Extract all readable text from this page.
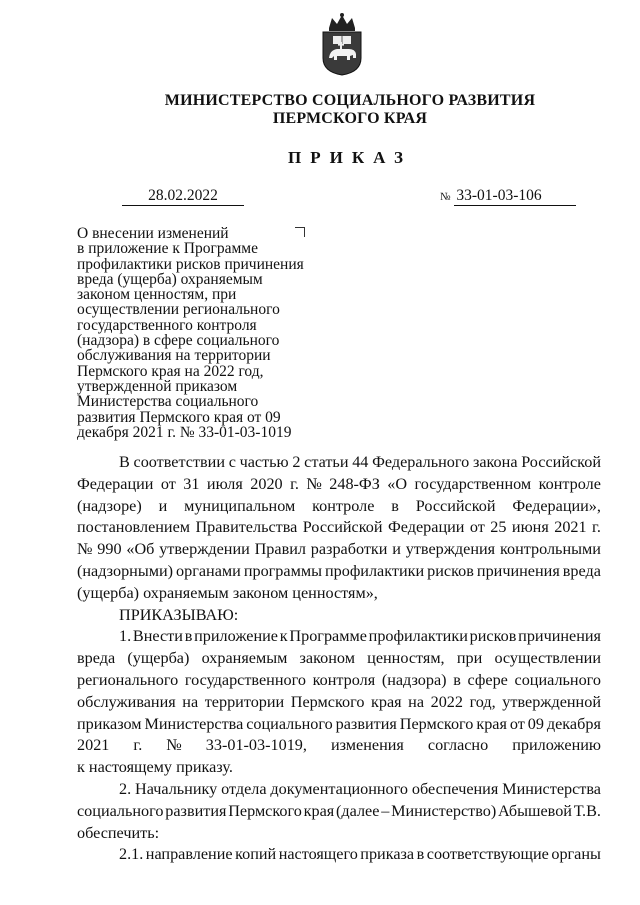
МИНИСТЕРСТВО СОЦИАЛЬНОГО РАЗВИТИЯ
ПЕРМСКОГО КРАЯ
ПРИКАЗ
28.02.2022	№ 33-01-03-106
О внесении изменений
в приложение к Программе
профилактики рисков причинения
вреда (ущерба) охраняемым
законом ценностям, при
осуществлении регионального
государственного контроля
(надзора) в сфере социального
обслуживания на территории
Пермского края на 2022 год,
утвержденной приказом
Министерства социального
развития Пермского края от 09
декабря 2021 г. № 33-01-03-1019
В соответствии с частью 2 статьи 44 Федерального закона Российской
Федерации от 31 июля 2020 г. № 248-ФЗ «О государственном контроле
(надзоре) и муниципальном контроле в Российской Федерации»,
постановлением Правительства Российской Федерации от 25 июня 2021 г.
№ 990 «Об утверждении Правил разработки и утверждения контрольными
(надзорными) органами программы профилактики рисков причинения вреда
(ущерба) охраняемым законом ценностям»,
ПРИКАЗЫВАЮ:
1. Внести в приложение к Программе профилактики рисков причинения
вреда (ущерба) охраняемым законом ценностям, при осуществлении
регионального государственного контроля (надзора) в сфере социального
обслуживания на территории Пермского края на 2022 год, утвержденной
приказом Министерства социального развития Пермского края от 09 декабря
2021 г. № 33-01-03-1019, изменения согласно приложению
к настоящему приказу.
2. Начальнику отдела документационного обеспечения Министерства
социального развития Пермского края (далее – Министерство) Абышевой Т.В.
обеспечить:
2.1. направление копий настоящего приказа в соответствующие органы
